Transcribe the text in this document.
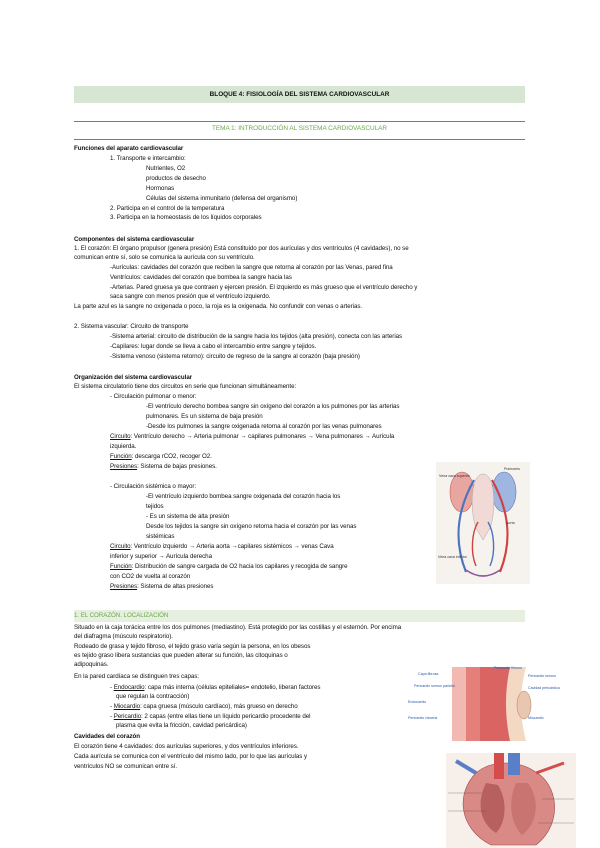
BLOQUE 4: FISIOLOGÍA DEL SISTEMA CARDIOVASCULAR
TEMA 1: INTRODUCCIÓN AL SISTEMA CARDIOVASCULAR
Funciones del aparato cardiovascular
1. Transporte e intercambio:
Nutrientes, O2
productos de desecho
Hormonas
Células del sistema inmunitario (defensa del organismo)
2. Participa en el control de la temperatura
3. Participa en la homeostasis de los líquidos corporales
Componentes del sistema cardiovascular
1. El corazón: El órgano propulsor (genera presión) Está constituido por dos aurículas y dos ventrículos (4 cavidades), no se
comunican entre sí, solo se comunica la aurícula con su ventrículo.
-Aurículas: cavidades del corazón que reciben la sangre que retorna al corazón por las Venas, pared fina
Ventrículos: cavidades del corazón que bombea la sangre hacia las
-Arterias. Pared gruesa ya que contraen y ejercen presión. El izquierdo es más grueso que el ventrículo derecho y
saca sangre con menos presión que el ventrículo izquierdo.
La parte azul es la sangre no oxigenada o poco, la roja es la oxigenada. No confundir con venas o arterias.
2. Sistema vascular: Circuito de transporte
-Sistema arterial: circuito de distribución de la sangre hacia los tejidos (alta presión), conecta con las arterias
-Capilares: lugar donde se lleva a cabo el intercambio entre sangre y tejidos.
-Sistema venoso (sistema retorno): circuito de regreso de la sangre al corazón (baja presión)
Organización del sistema cardiovascular
El sistema circulatorio tiene dos circuitos en serie que funcionan simultáneamente:
- Circulación pulmonar o menor:
-El ventrículo derecho bombea sangre sin oxígeno del corazón a los pulmones por las arterias
pulmonares. Es un sistema de baja presión
-Desde los pulmones la sangre oxigenada retorna al corazón por las venas pulmonares
Circuito: Ventrículo derecho → Arteria pulmonar → capilares pulmonares → Vena pulmonares → Aurícula
izquierda.
Función: descarga rCO2, recoger O2.
Presiones: Sistema de bajas presiones.
- Circulación sistémica o mayor:
-El ventrículo izquierdo bombea sangre oxigenada del corazón hacia los
tejidos
- Es un sistema de alta presión
Desde los tejidos la sangre sin oxígeno retorna hacia el corazón por las venas
sistémicas
Circuito: Ventrículo izquierdo → Arteria aorta →capilares sistémicos → venas Cava
inferior y superior → Aurícula derecha
Función: Distribución de sangre cargada de O2 hacia los capilares y recogida de sangre
con CO2 de vuelta al corazón
Presiones: Sistema de altas presiones
Vena cava superior
Pulmones
Aorta
Vena cava inferior
1. EL CORAZÓN. LOCALIZACIÓN
Situado en la caja torácica entre los dos pulmones (mediastino). Está protegido por las costillas y el esternón. Por encima
del diafragma (músculo respiratorio).
Rodeado de grasa y tejido fibroso, el tejido graso varía según la persona, en los obesos
es tejido graso libera sustancias que pueden alterar su función, las citoquinas o
adipoquinas.
En la pared cardíaca se distinguen tres capas:
- Endocardio: capa más interna (células epiteliales= endotelio, liberan factores
que regulan la contracción)
- Miocardio: capa gruesa (músculo cardíaco), más grueso en derecho
- Pericardio: 2 capas (entre ellas tiene un líquido pericardio procedente del
plasma que evita la fricción, cavidad pericárdica)
Cavidades del corazón
El corazón tiene 4 cavidades: dos aurículas superiores, y dos ventrículos inferiores.
Cada aurícula se comunica con el ventrículo del mismo lado, por lo que las aurículas y
ventrículos NO se comunican entre sí.
Pericardio fibroso
Pericardio seroso
Capa fibrosa
Pericardio seroso parietal	Cavidad pericárdica
Endocardio
Miocardio
Pericardio visceral
